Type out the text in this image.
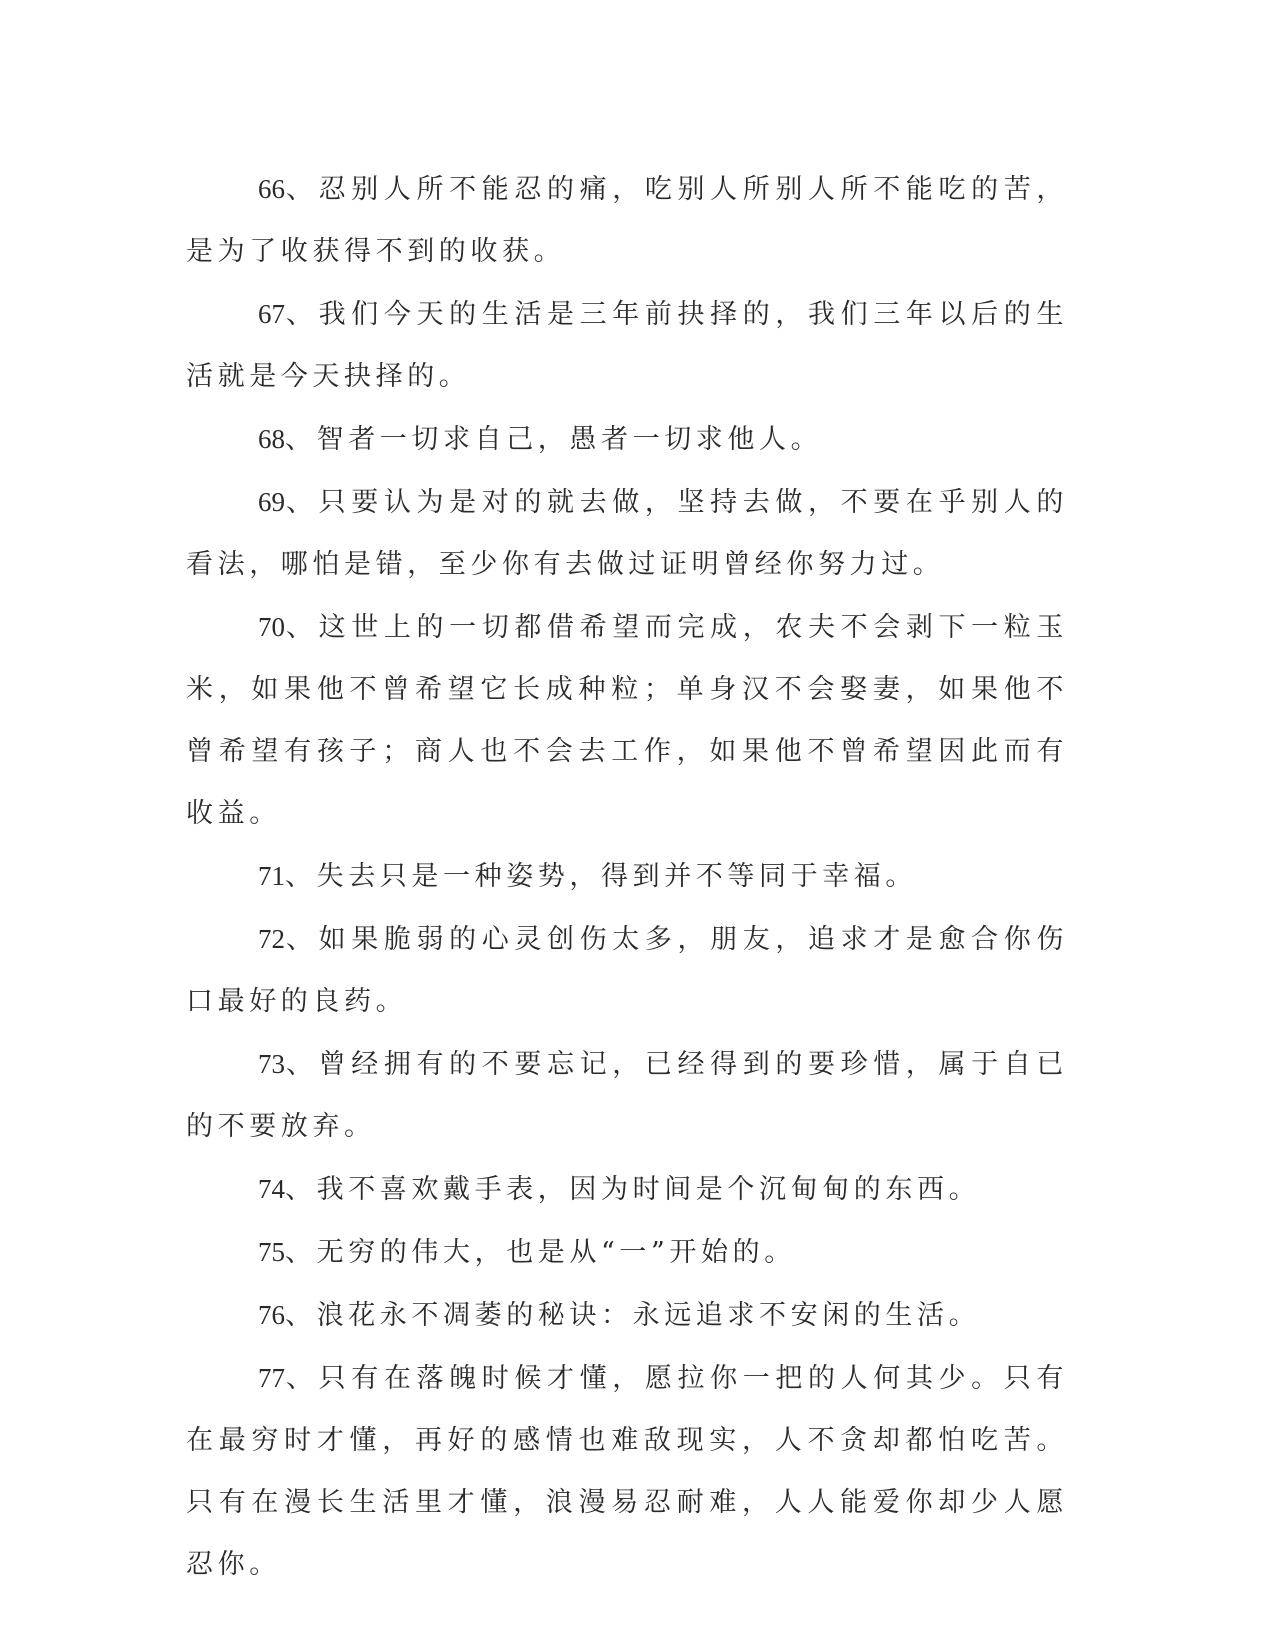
66、忍别人所不能忍的痛，吃别人所别人所不能吃的苦，是为了收获得不到的收获。

67、我们今天的生活是三年前抉择的，我们三年以后的生活就是今天抉择的。

68、智者一切求自己，愚者一切求他人。

69、只要认为是对的就去做，坚持去做，不要在乎别人的看法，哪怕是错，至少你有去做过证明曾经你努力过。

70、这世上的一切都借希望而完成，农夫不会剥下一粒玉米，如果他不曾希望它长成种粒；单身汉不会娶妻，如果他不曾希望有孩子；商人也不会去工作，如果他不曾希望因此而有收益。

71、失去只是一种姿势，得到并不等同于幸福。

72、如果脆弱的心灵创伤太多，朋友，追求才是愈合你伤口最好的良药。

73、曾经拥有的不要忘记，已经得到的要珍惜，属于自已的不要放弃。

74、我不喜欢戴手表，因为时间是个沉甸甸的东西。

75、无穷的伟大，也是从“一”开始的。

76、浪花永不凋萎的秘诀：永远追求不安闲的生活。

77、只有在落魄时候才懂，愿拉你一把的人何其少。只有在最穷时才懂，再好的感情也难敌现实，人不贪却都怕吃苦。只有在漫长生活里才懂，浪漫易忍耐难，人人能爱你却少人愿忍你。
